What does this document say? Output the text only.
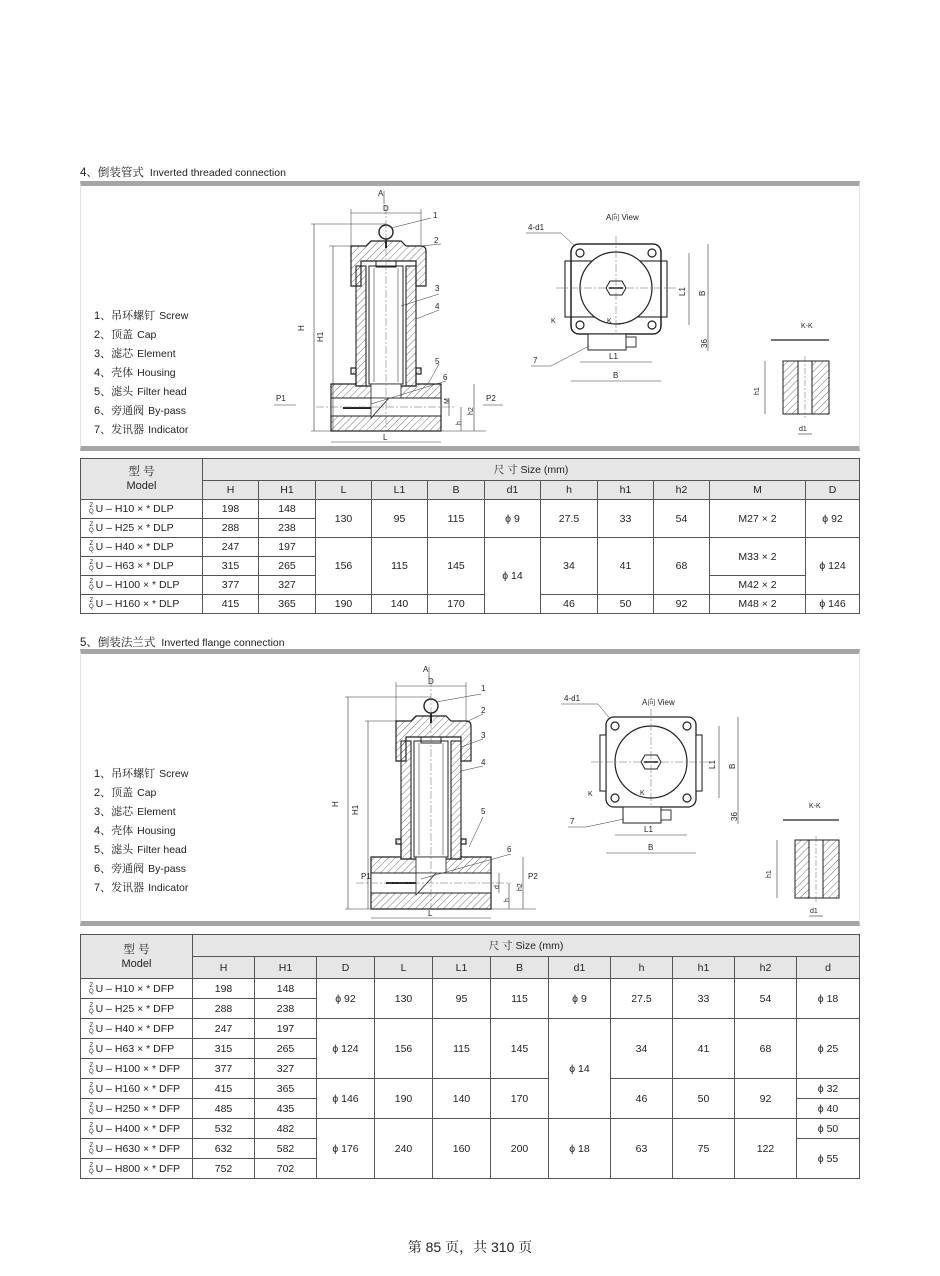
4、倒装管式 Inverted threaded connection
1、吊环螺钉 Screw
2、顶盖 Cap
3、滤芯 Element
4、壳体 Housing
5、滤头 Filter head
6、旁通阀 By-pass
7、发讯器 Indicator
D
A
H
H1
L
P1	P2
M
h
h2
1
2
3
4
5
6
A向 View
4-d1
K	K
7	L1
B
L1 B
36
K-K
h1
d1
型 号
Model	尺 寸 Size (mm)										
	H	H1	L	L1	B	d1	h	h1	h2	M	D
Z
Q U – H10 × * DLP	198	148	130	95	115	ϕ 9	27.5	33	54	M27 × 2	ϕ 92
Z
Q U – H25 × * DLP	288	238									
Z
Q U – H40 × * DLP	247	197	156	115	145	ϕ 14	34	41	68	M33 × 2	ϕ 124
Z
Q U – H63 × * DLP	315	265									
Z
Q U – H100 × * DLP	377	327								M42 × 2	
Z
Q U – H160 × * DLP	415	365	190	140	170		46	50	92	M48 × 2	ϕ 146
5、倒装法兰式 Inverted flange connection
1、吊环螺钉 Screw
2、顶盖 Cap
3、滤芯 Element
4、壳体 Housing
5、滤头 Filter head
6、旁通阀 By-pass
7、发讯器 Indicator
D
A
H
H1
L
P1	P2
d
h
h2
1
2
3
4
5
6
A向 View
4-d1
K	K
7
L1
B
L1 B
36
K-K
h1
d1
型 号
Model	尺 寸 Size (mm)										
	H	H1	D	L	L1	B	d1	h	h1	h2	d
Z
Q U – H10 × * DFP	198	148	ϕ 92	130	95	115	ϕ 9	27.5	33	54	ϕ 18
Z
Q U – H25 × * DFP	288	238									
Z
Q U – H40 × * DFP	247	197	ϕ 124	156	115	145	ϕ 14	34	41	68	ϕ 25
Z
Q U – H63 × * DFP	315	265									
Z
Q U – H100 × * DFP	377	327									
Z
Q U – H160 × * DFP	415	365	ϕ 146	190	140	170		46	50	92	ϕ 32
Z
Q U – H250 × * DFP	485	435									ϕ 40
Z
Q U – H400 × * DFP	532	482	ϕ 176	240	160	200	ϕ 18	63	75	122	ϕ 50
Z
Q U – H630 × * DFP	632	582									ϕ 55
Z
Q U – H800 × * DFP	752	702									
第 85 页，共 310 页
